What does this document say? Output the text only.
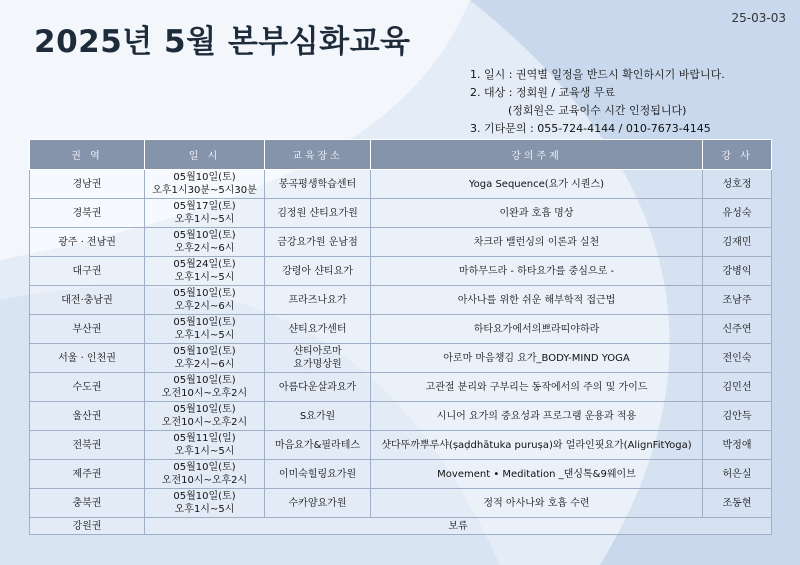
25-03-03
2025년 5월 본부심화교육
1. 일시 : 권역별 일정을 반드시 확인하시기 바랍니다.
2. 대상 : 정회원 / 교육생 무료
(정회원은 교육이수 시간 인정됩니다)
3. 기타문의 : 055-724-4144 / 010-7673-4145
권 역	일 시	교육장소	강의주제	강 사

경남권	05월10일(토)
오후1시30분~5시30분	봉곡평생학습센터	Yoga Sequence(요가 시퀀스)	성호정

경북권	05월17일(토)
오후1시~5시	김정원 샨티요가원	이완과 호흡 명상	유성숙

광주 · 전남권	05월10일(토)
오후2시~6시	금강요가원 운남점	차크라 밸런싱의 이론과 실천	김재민

대구권	05월24일(토)
오후1시~5시	강령아 샨티요가	마하무드라 - 하타요가를 중심으로 -	강병익

대전·충남권	05월10일(토)
오후2시~6시	프라즈나요가	아사나를 위한 쉬운 해부학적 접근법	조남주

부산권	05월10일(토)
오후1시~5시	샨티요가센터	하타요가에서의쁘라띠야하라	신주연

서울 · 인천권	05월10일(토)
오후2시~6시	샨티아로마
요가명상원	아로마 마음챙김 요가_BODY-MIND YOGA	전인숙

수도권	05월10일(토)
오전10시~오후2시	아름다운살과요가	고관절 분리와 구부리는 동작에서의 주의 및 가이드	김민선

울산권	05월10일(토)
오전10시~오후2시	S요가원	시니어 요가의 중요성과 프로그램 운용과 적용	김안득

전북권	05월11일(일)
오후1시~5시	마음요가&필라테스	샷다뚜까뿌루샤(ṣaḍdhātuka puruṣa)와 얼라인핏요가(AlignFitYoga)	박정애

제주권	05월10일(토)
오전10시~오후2시	이미숙힐링요가원	Movement • Meditation _댄싱톡&9웨이브	허은실

충북권	05월10일(토)
오후1시~5시	수카얌요가원	정적 아사나와 호흡 수련	조동현

강원권	보류			
